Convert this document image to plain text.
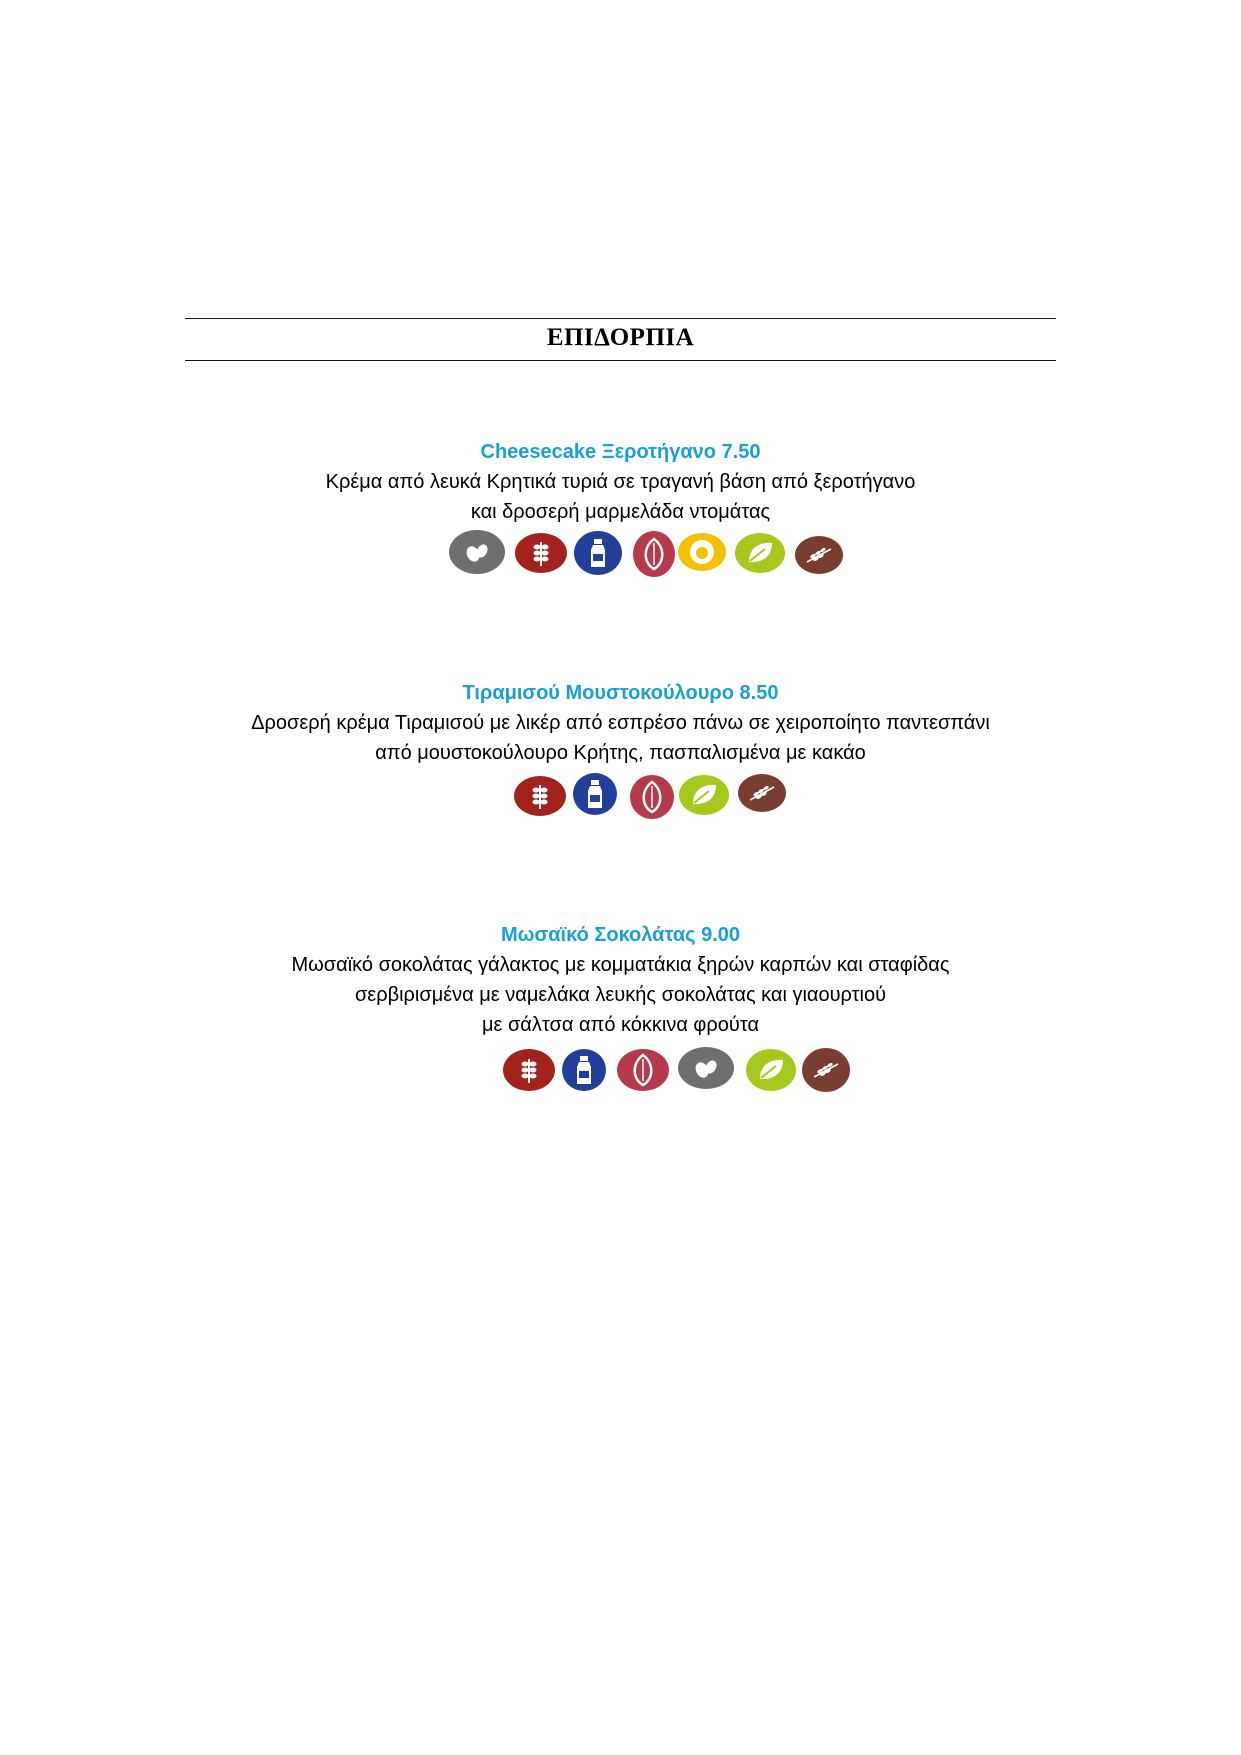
ΕΠΙΔΟΡΠΙΑ
Cheesecake Ξεροτήγανο 7.50
Κρέμα από λευκά Κρητικά τυριά σε τραγανή βάση από ξεροτήγανο
και δροσερή μαρμελάδα ντομάτας
Τιραμισού Μουστοκούλουρο 8.50
Δροσερή κρέμα Τιραμισού με λικέρ από εσπρέσο πάνω σε χειροποίητο παντεσπάνι
από μουστοκούλουρο Κρήτης, πασπαλισμένα με κακάο
Μωσαϊκό Σοκολάτας 9.00
Μωσαϊκό σοκολάτας γάλακτος με κομματάκια ξηρών καρπών και σταφίδας
σερβιρισμένα με ναμελάκα λευκής σοκολάτας και γιαουρτιού
με σάλτσα από κόκκινα φρούτα
